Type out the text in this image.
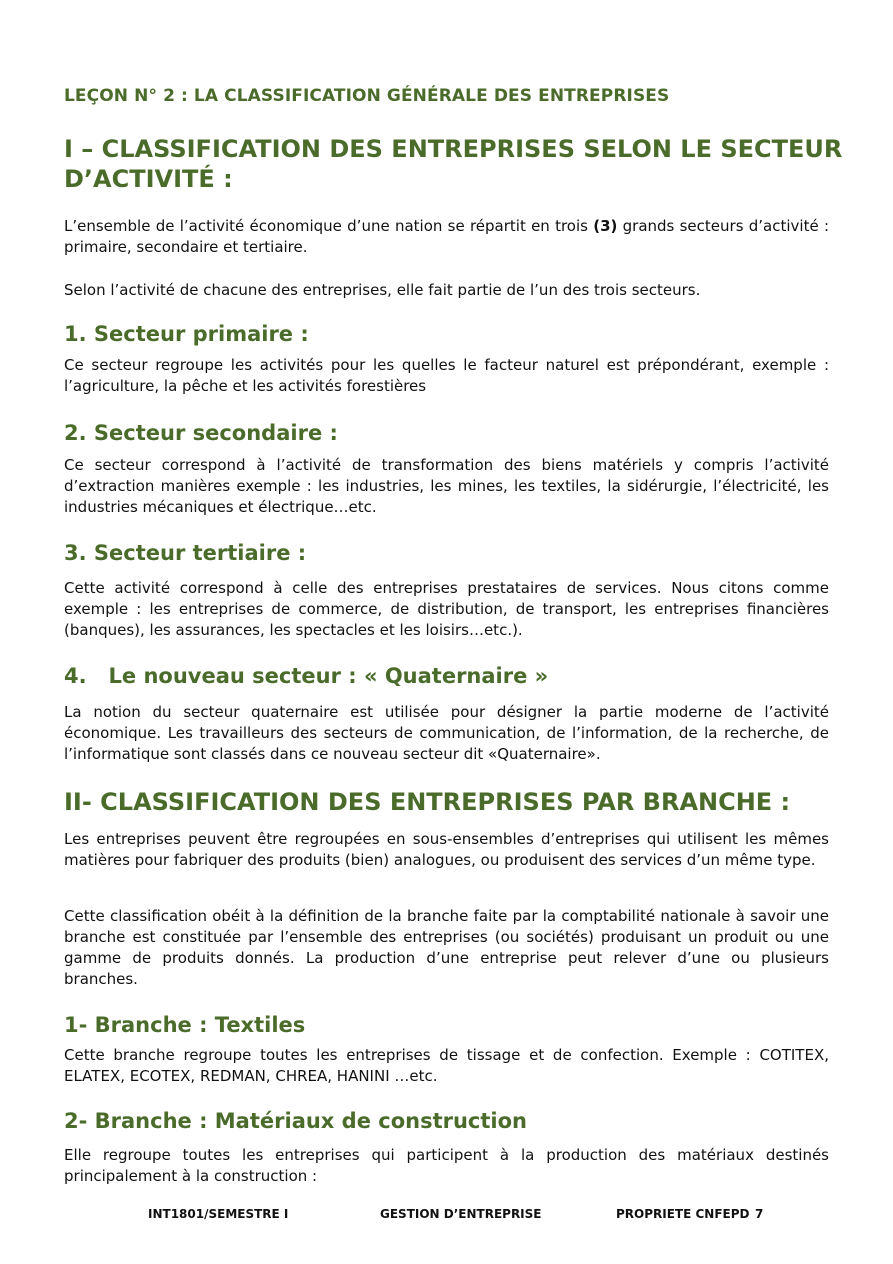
LEÇON N° 2 : LA CLASSIFICATION GÉNÉRALE DES ENTREPRISES
I – CLASSIFICATION DES ENTREPRISES SELON LE SECTEUR
D’ACTIVITÉ :
L’ensemble de l’activité économique d’une nation se répartit en trois (3) grands secteurs d’activité : primaire, secondaire et tertiaire.
Selon l’activité de chacune des entreprises, elle fait partie de l’un des trois secteurs.
1. Secteur primaire :
Ce secteur regroupe les activités pour les quelles le facteur naturel est prépondérant, exemple : l’agriculture, la pêche et les activités forestières
2. Secteur secondaire :
Ce secteur correspond à l’activité de transformation des biens matériels y compris l’activité d’extraction manières exemple : les industries, les mines, les textiles, la sidérurgie, l’électricité, les industries mécaniques et électrique…etc.
3. Secteur tertiaire :
Cette activité correspond à celle des entreprises prestataires de services. Nous citons comme exemple : les entreprises de commerce, de distribution, de transport, les entreprises financières (banques), les assurances, les spectacles et les loisirs…etc.).
4.   Le nouveau secteur : « Quaternaire »
La notion du secteur quaternaire est utilisée pour désigner la partie moderne de l’activité économique. Les travailleurs des secteurs de communication, de l’information, de la recherche, de l’informatique sont classés dans ce nouveau secteur dit «Quaternaire».
II- CLASSIFICATION DES ENTREPRISES PAR BRANCHE :
Les entreprises peuvent être regroupées en sous-ensembles d’entreprises qui utilisent les mêmes matières pour fabriquer des produits (bien) analogues, ou produisent des services d’un même type.
Cette classification obéit à la définition de la branche faite par la comptabilité nationale à savoir une branche est constituée par l’ensemble des entreprises (ou sociétés) produisant un produit ou une gamme de produits donnés. La production d’une entreprise peut relever d’une ou plusieurs branches.
1- Branche : Textiles
Cette branche regroupe toutes les entreprises de tissage et de confection. Exemple : COTITEX, ELATEX, ECOTEX, REDMAN, CHREA, HANINI …etc.
2- Branche : Matériaux de construction
Elle regroupe toutes les entreprises qui participent à la production des matériaux destinés principalement à la construction :
INT1801/SEMESTRE I	GESTION D’ENTREPRISE	PROPRIETE CNFEPD 7
